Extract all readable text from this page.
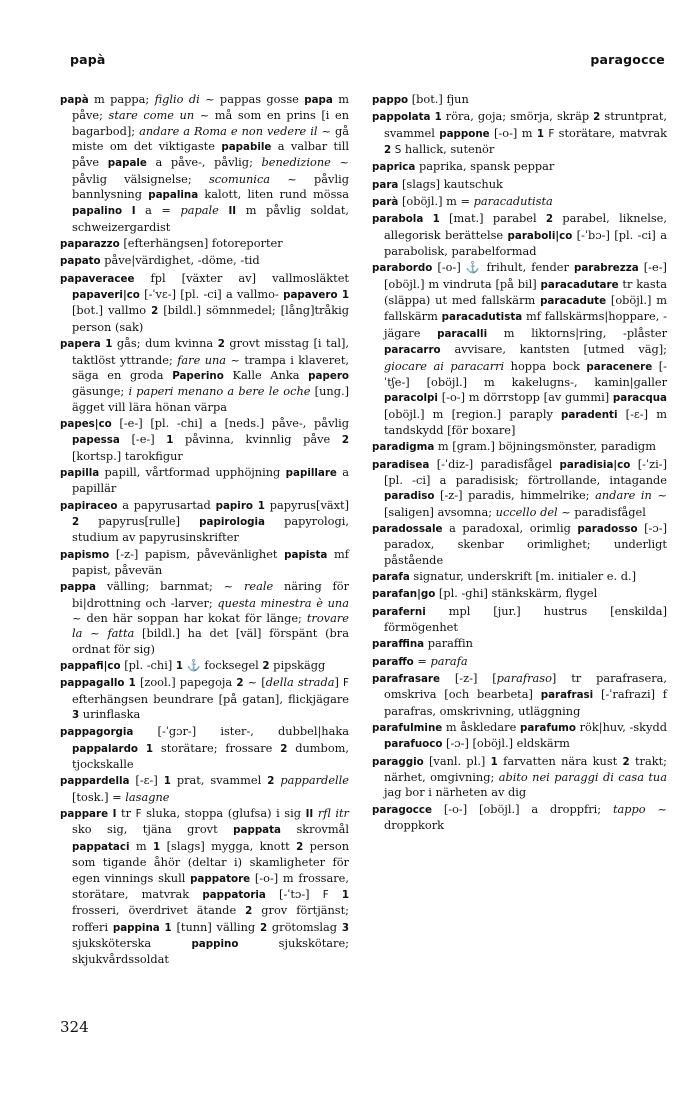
papà	paragocce
papà m pappa; figlio di ~ pappas gosse papa m påve; stare come un ~ må som en prins [i en bagarbod]; andare a Roma e non vedere il ~ gå miste om det viktigaste papabile a valbar till påve papale a påve-, påvlig; benedizione ~ påvlig välsignelse; scomunica ~ påvlig bannlysning papalina kalott, liten rund mössa papalino I a = papale II m påvlig soldat, schweizergardist
paparazzo [efterhängsen] fotoreporter
papato påve|värdighet, -döme, -tid
papaveracee fpl [växter av] vallmosläktet papaveri|co [-ˈvɛ-] [pl. -ci] a vallmo- papavero 1 [bot.] vallmo 2 [bildl.] sömnmedel; [lång]tråkig person (sak)
papera 1 gås; dum kvinna 2 grovt misstag [i tal], taktlöst yttrande; fare una ~ trampa i klaveret, säga en groda Paperino Kalle Anka papero gäsunge; i paperi menano a bere le oche [ung.] ägget vill lära hönan värpa
papes|co [-e-] [pl. -chi] a [neds.] påve-, påvlig papessa [-e-] 1 påvinna, kvinnlig påve 2 [kortsp.] tarokfigur
papilla papill, vårtformad upphöjning papillare a papillär
papiraceo a papyrusartad papiro 1 papyrus[växt] 2 papyrus[rulle] papirologia papyrologi, studium av papyrusinskrifter
papismo [-z-] papism, påvevänlighet papista mf papist, påvevän
pappa välling; barnmat; ~ reale näring för bi|drottning och -larver; questa minestra è una ~ den här soppan har kokat för länge; trovare la ~ fatta [bildl.] ha det [väl] förspänt (bra ordnat för sig)
pappafi|co [pl. -chi] 1 ⚓ focksegel 2 pipskägg
pappagallo 1 [zool.] papegoja 2 ~ [della strada] F efterhängsen beundrare [på gatan], flickjägare 3 urinflaska
pappagorgia [-ˈgɔr-] ister-, dubbel|haka pappalardo 1 storätare; frossare 2 dumbom, tjockskalle
pappardella [-ɛ-] 1 prat, svammel 2 pappardelle [tosk.] = lasagne
pappare I tr F sluka, stoppa (glufsa) i sig II rfl itr sko sig, tjäna grovt pappata skrovmål pappataci m 1 [slags] mygga, knott 2 person som tigande åhör (deltar i) skamligheter för egen vinnings skull pappatore [-o-] m frossare, storätare, matvrak pappatoria [-ˈtɔ-] F 1 frosseri, överdrivet ätande 2 grov förtjänst; rofferi pappina 1 [tunn] välling 2 grötomslag 3 sjuksköterska pappino sjukskötare; skjukvårdssoldat
pappo [bot.] fjun
pappolata 1 röra, goja; smörja, skräp 2 struntprat, svammel pappone [-o-] m 1 F storätare, matvrak 2 S hallick, sutenör
paprica paprika, spansk peppar
para [slags] kautschuk
parà [oböjl.] m = paracadutista
parabola 1 [mat.] parabel 2 parabel, liknelse, allegorisk berättelse paraboli|co [-ˈbɔ-] [pl. -ci] a parabolisk, parabelformad
parabordo [-o-] ⚓ frihult, fender parabrezza [-e-] [oböjl.] m vindruta [på bil] paracadutare tr kasta (släppa) ut med fallskärm paracadute [oböjl.] m fallskärm paracadutista mf fallskärms|hoppare, -jägare paracalli m liktorns|ring, -plåster paracarro avvisare, kantsten [utmed väg]; giocare ai paracarri hoppa bock paracenere [-ˈtʃe-] [oböjl.] m kakelugns-, kamin|galler paracolpi [-o-] m dörrstopp [av gummi] paracqua [oböjl.] m [region.] paraply paradenti [-ɛ-] m tandskydd [för boxare]
paradigma m [gram.] böjningsmönster, paradigm
paradisea [-ˈdiz-] paradisfågel paradisia|co [-ˈzi-] [pl. -ci] a paradisisk; förtrollande, intagande paradiso [-z-] paradis, himmelrike; andare in ~ [saligen] avsomna; uccello del ~ paradisfågel
paradossale a paradoxal, orimlig paradosso [-ɔ-] paradox, skenbar orimlighet; underligt påstående
parafa signatur, underskrift [m. initialer e. d.]
parafan|go [pl. -ghi] stänkskärm, flygel
paraferni mpl [jur.] hustrus [enskilda] förmögenhet
paraffina paraffin
paraffo = parafa
parafrasare [-z-] [parafraso] tr parafrasera, omskriva [och bearbeta] parafrasi [-ˈrafrazi] f parafras, omskrivning, utläggning
parafulmine m åskledare parafumo rök|huv, -skydd parafuoco [-ɔ-] [oböjl.] eldskärm
paraggio [vanl. pl.] 1 farvatten nära kust 2 trakt; närhet, omgivning; abito nei paraggi di casa tua jag bor i närheten av dig
paragocce [-o-] [oböjl.] a droppfri; tappo ~ droppkork
324
